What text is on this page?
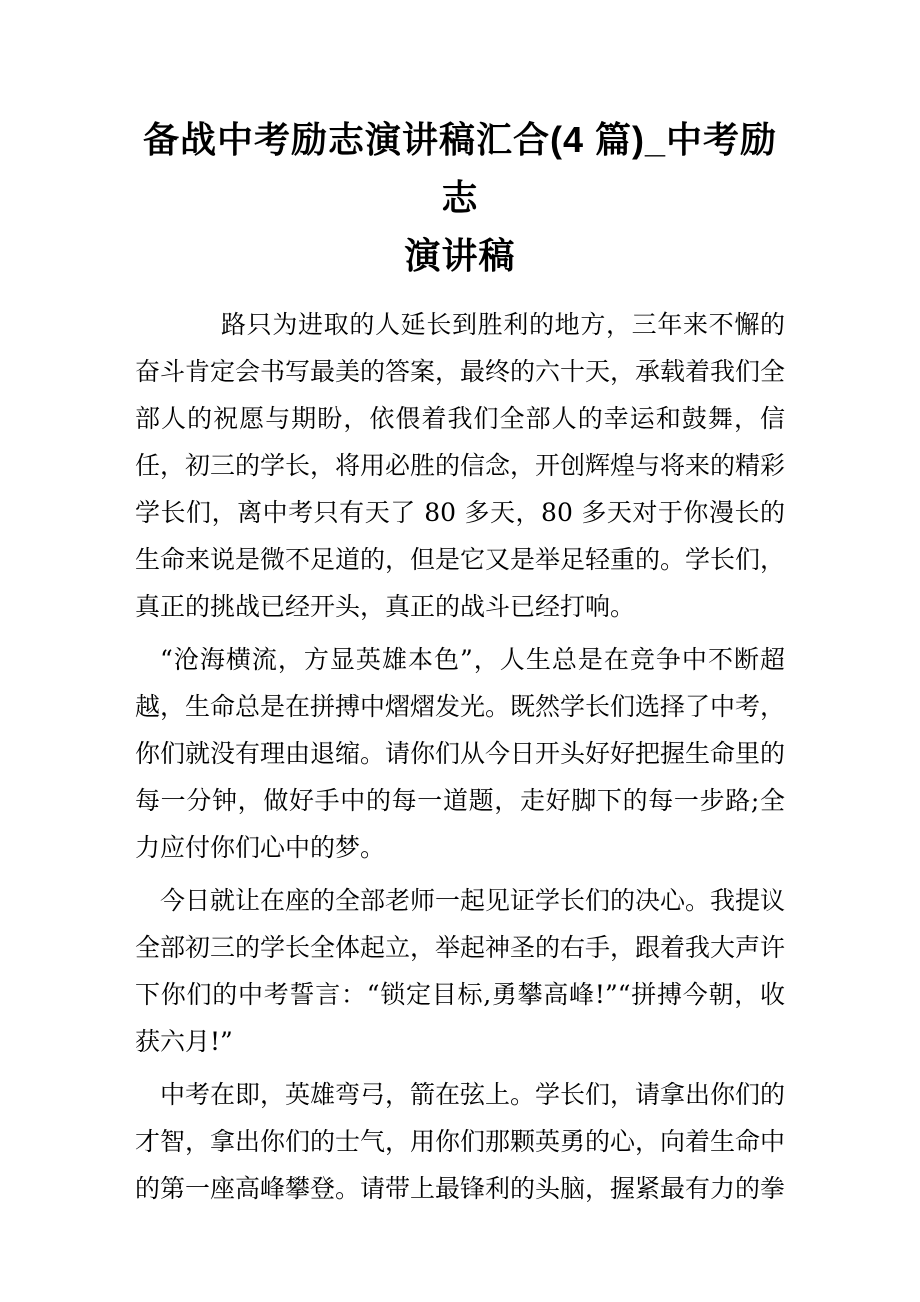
备战中考励志演讲稿汇合(4 篇)_中考励志
演讲稿

路只为进取的人延长到胜利的地方，三年来不懈的奋斗肯定会书写最美的答案，最终的六十天，承载着我们全部人的祝愿与期盼，依偎着我们全部人的幸运和鼓舞，信任，初三的学长，将用必胜的信念，开创辉煌与将来的精彩学长们，离中考只有天了 80 多天，80 多天对于你漫长的生命来说是微不足道的，但是它又是举足轻重的。学长们，真正的挑战已经开头，真正的战斗已经打响。

“沧海横流，方显英雄本色”，人生总是在竞争中不断超越，生命总是在拼搏中熠熠发光。既然学长们选择了中考，你们就没有理由退缩。请你们从今日开头好好把握生命里的每一分钟，做好手中的每一道题，走好脚下的每一步路;全力应付你们心中的梦。

今日就让在座的全部老师一起见证学长们的决心。我提议全部初三的学长全体起立，举起神圣的右手，跟着我大声许下你们的中考誓言：“锁定目标,勇攀高峰!”“拼搏今朝，收获六月!”

中考在即，英雄弯弓，箭在弦上。学长们，请拿出你们的才智，拿出你们的士气，用你们那颗英勇的心，向着生命中的第一座高峰攀登。请带上最锋利的头脑，握紧最有力的拳
